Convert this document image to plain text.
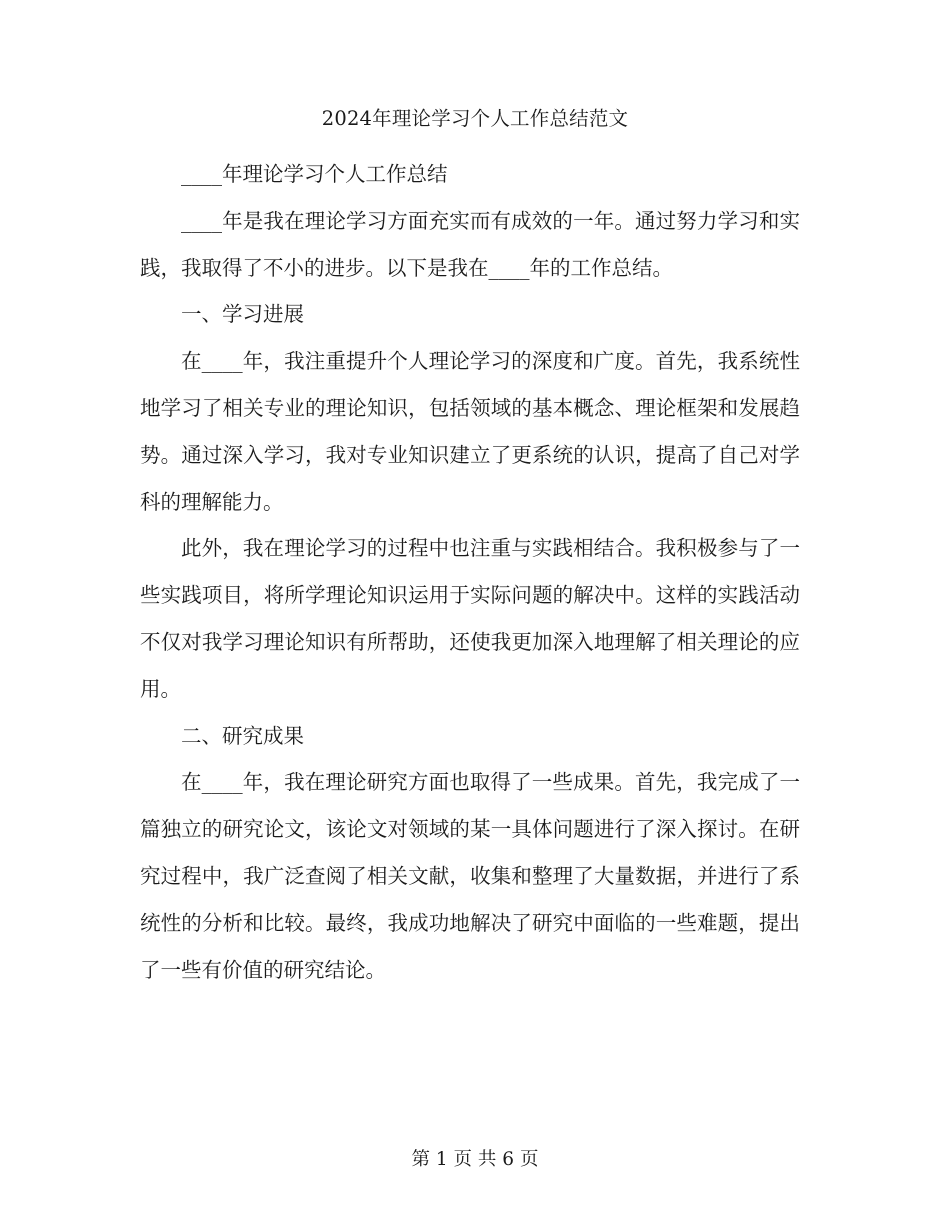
2024年理论学习个人工作总结范文

____年理论学习个人工作总结

____年是我在理论学习方面充实而有成效的一年。通过努力学习和实践，我取得了不小的进步。以下是我在____年的工作总结。

一、学习进展

在____年，我注重提升个人理论学习的深度和广度。首先，我系统性地学习了相关专业的理论知识，包括领域的基本概念、理论框架和发展趋势。通过深入学习，我对专业知识建立了更系统的认识，提高了自己对学科的理解能力。

此外，我在理论学习的过程中也注重与实践相结合。我积极参与了一些实践项目，将所学理论知识运用于实际问题的解决中。这样的实践活动不仅对我学习理论知识有所帮助，还使我更加深入地理解了相关理论的应用。

二、研究成果

在____年，我在理论研究方面也取得了一些成果。首先，我完成了一篇独立的研究论文，该论文对领域的某一具体问题进行了深入探讨。在研究过程中，我广泛查阅了相关文献，收集和整理了大量数据，并进行了系统性的分析和比较。最终，我成功地解决了研究中面临的一些难题，提出了一些有价值的研究结论。

第 1 页 共 6 页
